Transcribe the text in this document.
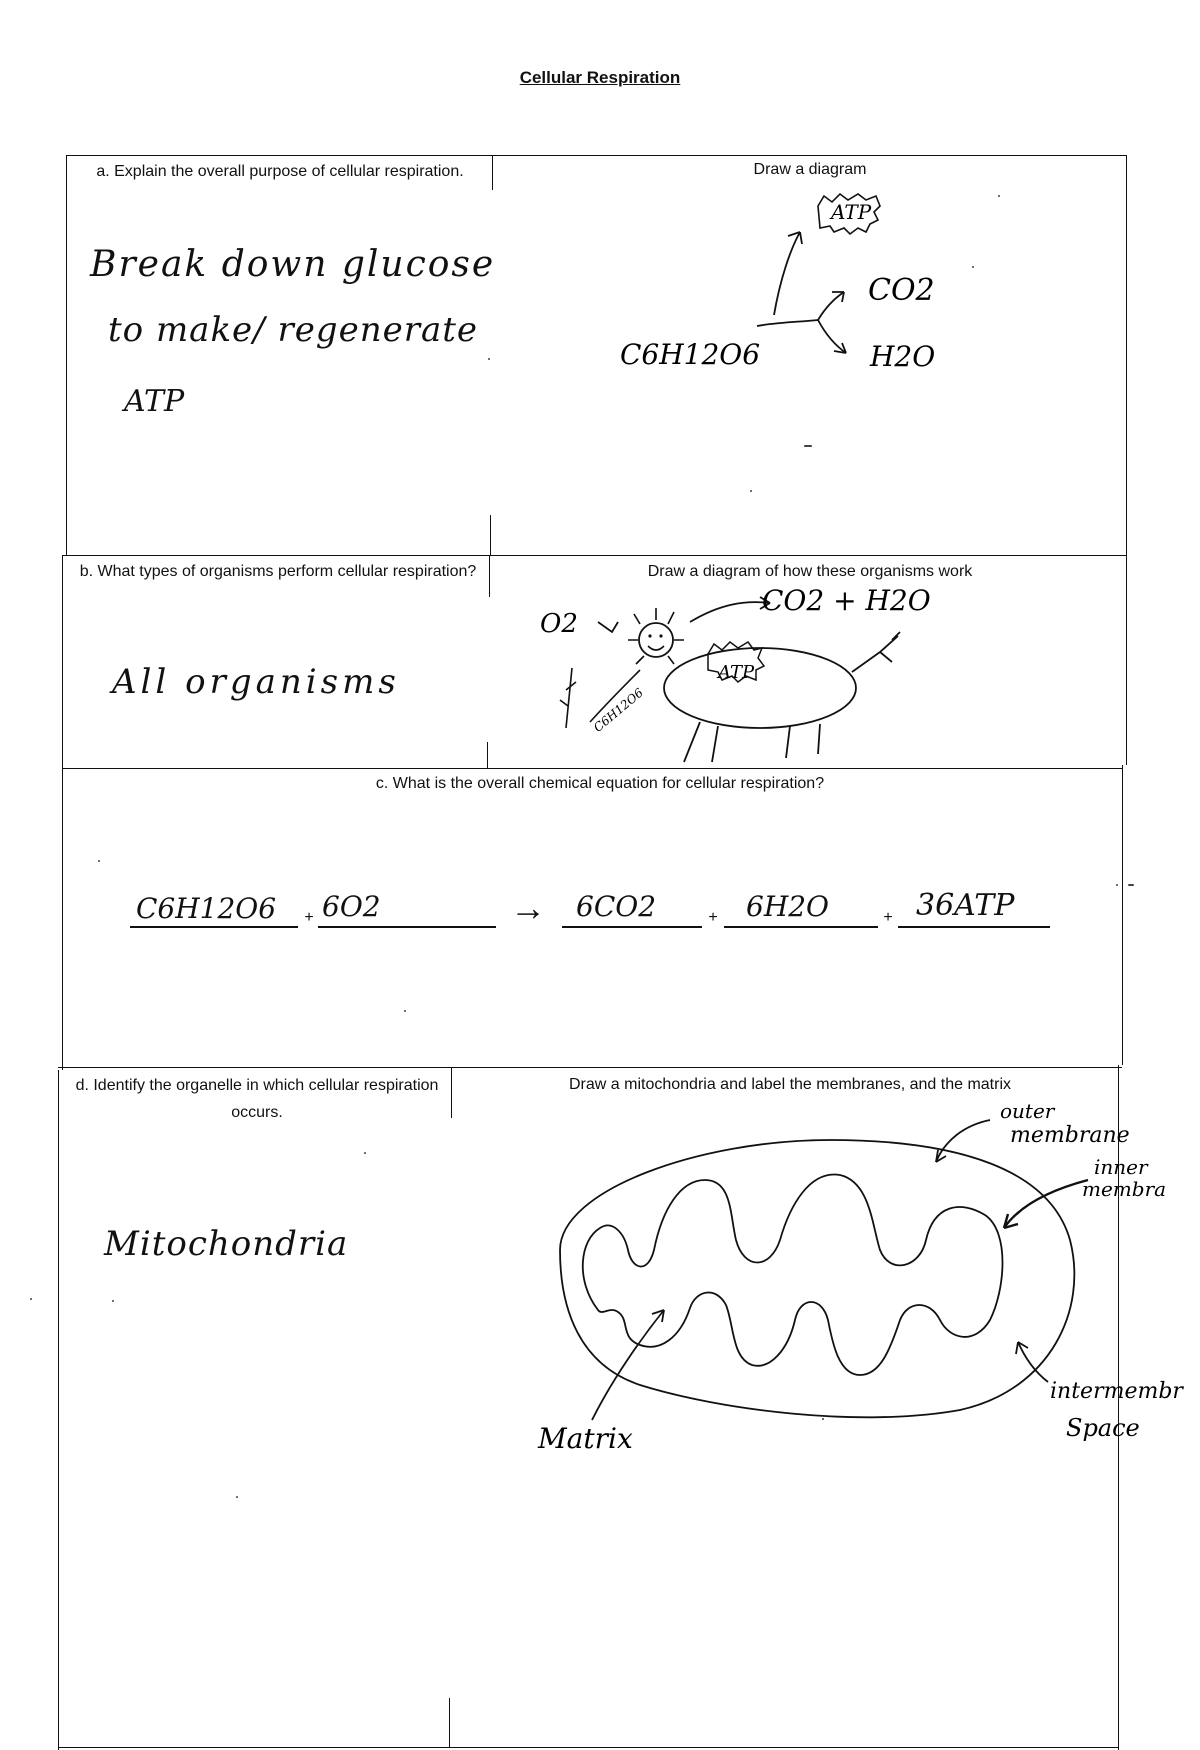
Cellular Respiration
a. Explain the overall purpose of cellular respiration.	Draw a diagram
Break down glucose
to make/ regenerate
ATP
ATP
C6H12O6
CO2
H2O
b. What types of organisms perform cellular respiration?	Draw a diagram of how these organisms work
All organisms
O2
CO2 + H2O
ATP
C6H12O6
c. What is the overall chemical equation for cellular respiration?
C6H12O6 + 6O2	→	6CO2	+ 6H2O	+ 36ATP
d. Identify the organelle in which cellular respiration occurs.
Draw a mitochondria and label the membranes, and the matrix
Mitochondria
outer
membrane
inner
membra
intermembr
Space
Matrix
